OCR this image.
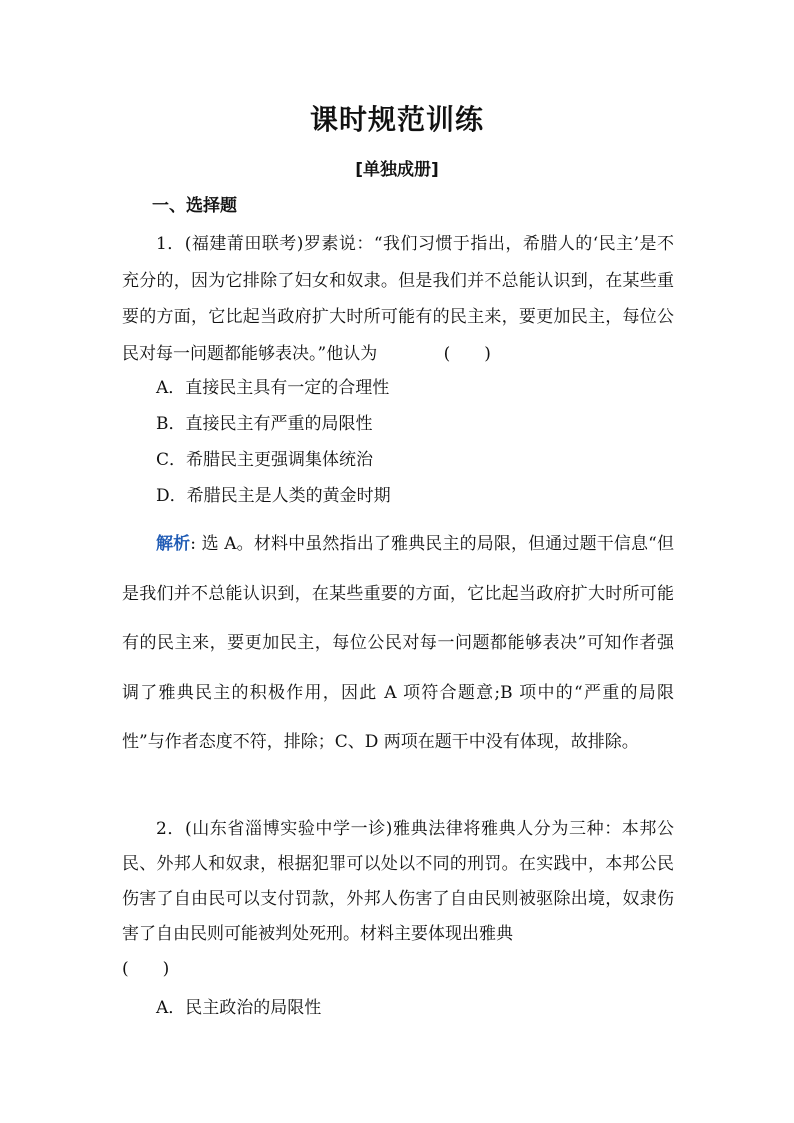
课时规范训练
[单独成册]
一、选择题
1．(福建莆田联考)罗素说：“我们习惯于指出，希腊人的‘民主’是不充分的，因为它排除了妇女和奴隶。但是我们并不总能认识到，在某些重要的方面，它比起当政府扩大时所可能有的民主来，要更加民主，每位公民对每一问题都能够表决。”他认为	(　　)
A．直接民主具有一定的合理性
B．直接民主有严重的局限性
C．希腊民主更强调集体统治
D．希腊民主是人类的黄金时期
解析: 选 A。材料中虽然指出了雅典民主的局限，但通过题干信息“但是我们并不总能认识到，在某些重要的方面，它比起当政府扩大时所可能有的民主来，要更加民主，每位公民对每一问题都能够表决”可知作者强调了雅典民主的积极作用，因此 A 项符合题意;B 项中的“严重的局限性”与作者态度不符，排除；C、D 两项在题干中没有体现，故排除。
2．(山东省淄博实验中学一诊)雅典法律将雅典人分为三种：本邦公民、外邦人和奴隶，根据犯罪可以处以不同的刑罚。在实践中，本邦公民伤害了自由民可以支付罚款，外邦人伤害了自由民则被驱除出境，奴隶伤害了自由民则可能被判处死刑。材料主要体现出雅典
(　　)
A．民主政治的局限性
